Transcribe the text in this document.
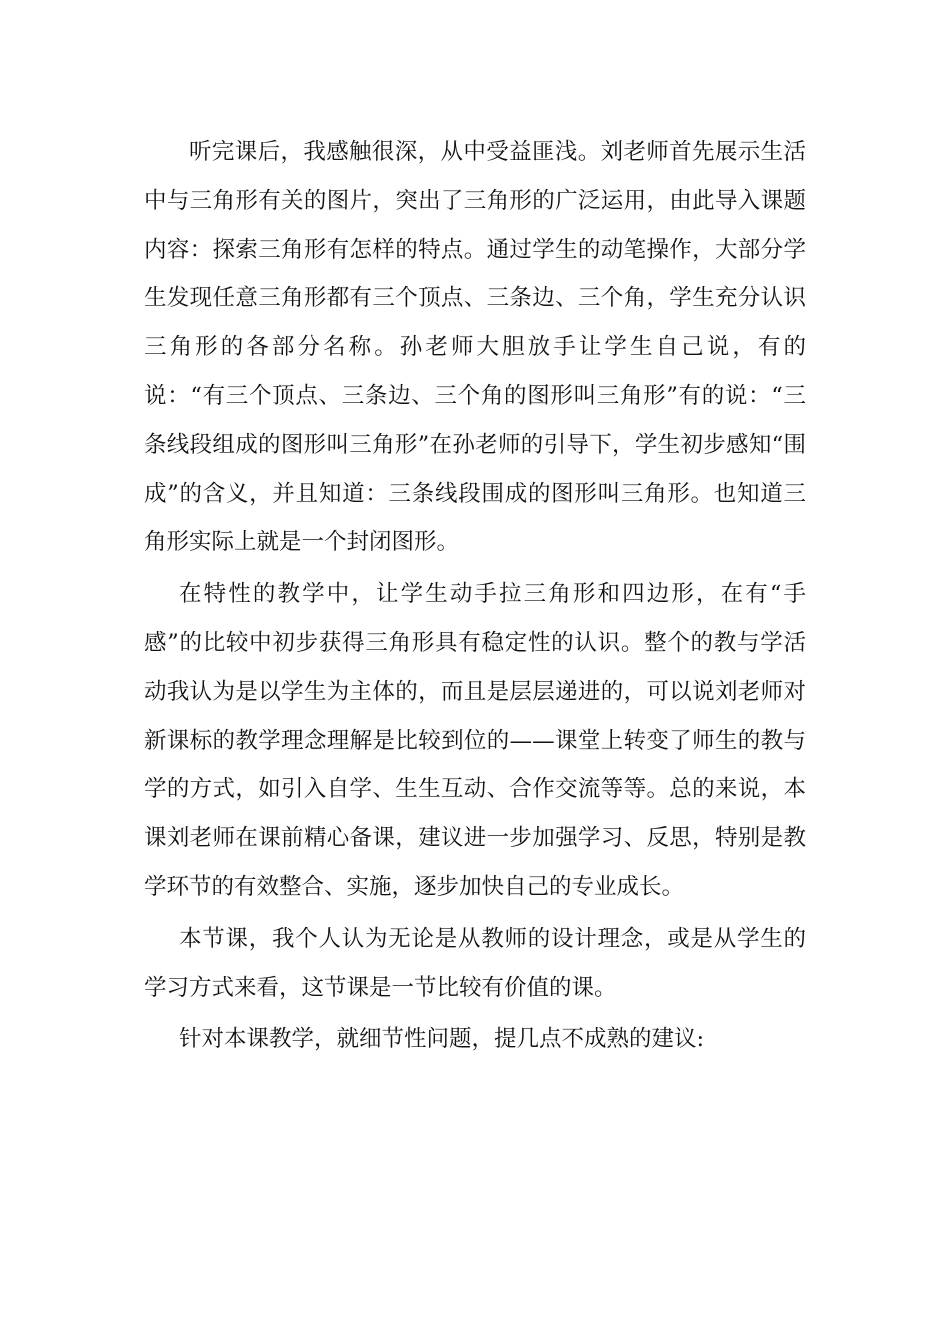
听完课后，我感触很深，从中受益匪浅。刘老师首先展示生活中与三角形有关的图片，突出了三角形的广泛运用，由此导入课题内容：探索三角形有怎样的特点。通过学生的动笔操作，大部分学生发现任意三角形都有三个顶点、三条边、三个角，学生充分认识三角形的各部分名称。孙老师大胆放手让学生自己说，有的说：“有三个顶点、三条边、三个角的图形叫三角形”有的说：“三条线段组成的图形叫三角形”在孙老师的引导下，学生初步感知“围成”的含义，并且知道：三条线段围成的图形叫三角形。也知道三角形实际上就是一个封闭图形。

在特性的教学中，让学生动手拉三角形和四边形，在有“手感”的比较中初步获得三角形具有稳定性的认识。整个的教与学活动我认为是以学生为主体的，而且是层层递进的，可以说刘老师对新课标的教学理念理解是比较到位的——课堂上转变了师生的教与学的方式，如引入自学、生生互动、合作交流等等。总的来说，本课刘老师在课前精心备课，建议进一步加强学习、反思，特别是教学环节的有效整合、实施，逐步加快自己的专业成长。

本节课，我个人认为无论是从教师的设计理念，或是从学生的学习方式来看，这节课是一节比较有价值的课。

针对本课教学，就细节性问题，提几点不成熟的建议:
